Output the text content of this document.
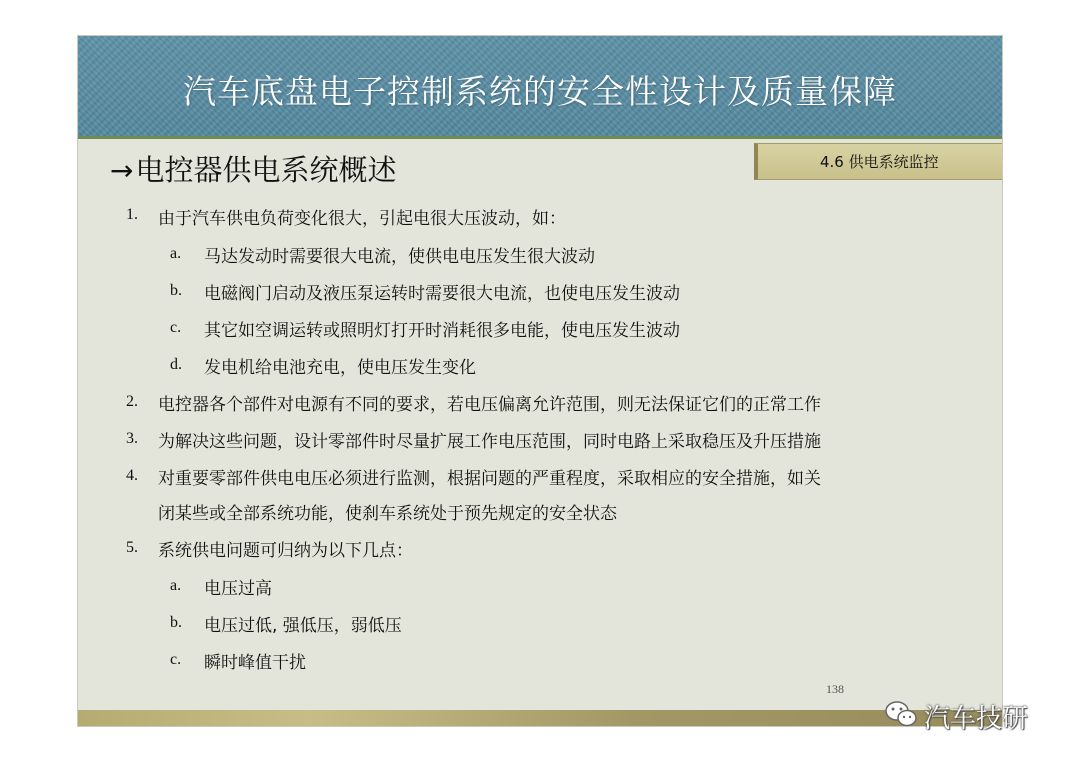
汽车底盘电子控制系统的安全性设计及质量保障
4.6 供电系统监控
→电控器供电系统概述
1. 由于汽车供电负荷变化很大，引起电很大压波动，如：
a. 马达发动时需要很大电流，使供电电压发生很大波动
b. 电磁阀门启动及液压泵运转时需要很大电流，也使电压发生波动
c. 其它如空调运转或照明灯打开时消耗很多电能，使电压发生波动
d. 发电机给电池充电，使电压发生变化
2. 电控器各个部件对电源有不同的要求，若电压偏离允许范围，则无法保证它们的正常工作
3. 为解决这些问题，设计零部件时尽量扩展工作电压范围，同时电路上采取稳压及升压措施
4. 对重要零部件供电电压必须进行监测，根据问题的严重程度，采取相应的安全措施，如关
闭某些或全部系统功能，使刹车系统处于预先规定的安全状态
5. 系统供电问题可归纳为以下几点：
a. 电压过高
b. 电压过低, 强低压，弱低压
c. 瞬时峰值干扰
138
汽车技研
